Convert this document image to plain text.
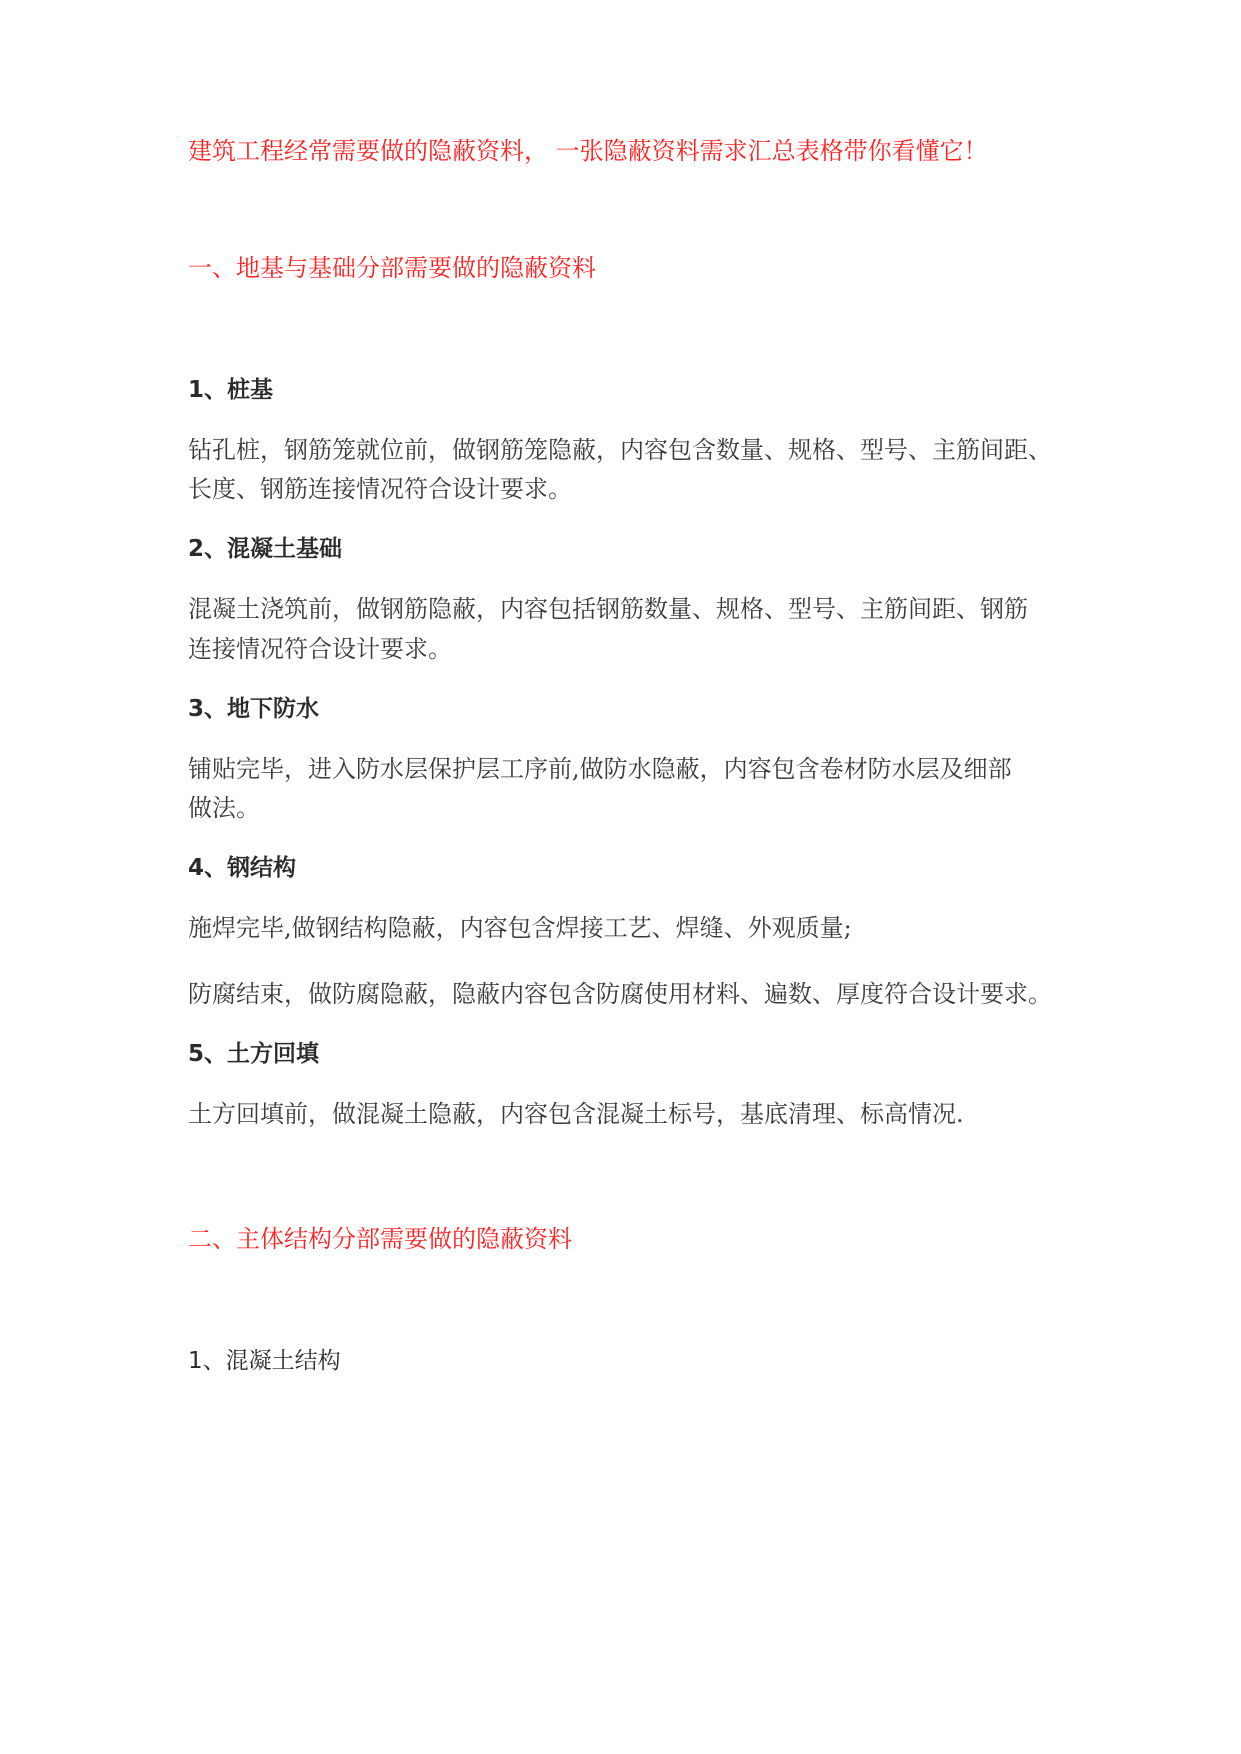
建筑工程经常需要做的隐蔽资料， 一张隐蔽资料需求汇总表格带你看懂它！
一、地基与基础分部需要做的隐蔽资料
1、桩基
钻孔桩，钢筋笼就位前，做钢筋笼隐蔽，内容包含数量、规格、型号、主筋间距、
长度、钢筋连接情况符合设计要求。
2、混凝土基础
混凝土浇筑前，做钢筋隐蔽，内容包括钢筋数量、规格、型号、主筋间距、钢筋
连接情况符合设计要求。
3、地下防水
铺贴完毕，进入防水层保护层工序前,做防水隐蔽，内容包含卷材防水层及细部
做法。
4、钢结构
施焊完毕,做钢结构隐蔽，内容包含焊接工艺、焊缝、外观质量;
防腐结束，做防腐隐蔽，隐蔽内容包含防腐使用材料、遍数、厚度符合设计要求。
5、土方回填
土方回填前，做混凝土隐蔽，内容包含混凝土标号，基底清理、标高情况.
二、主体结构分部需要做的隐蔽资料
1、混凝土结构
